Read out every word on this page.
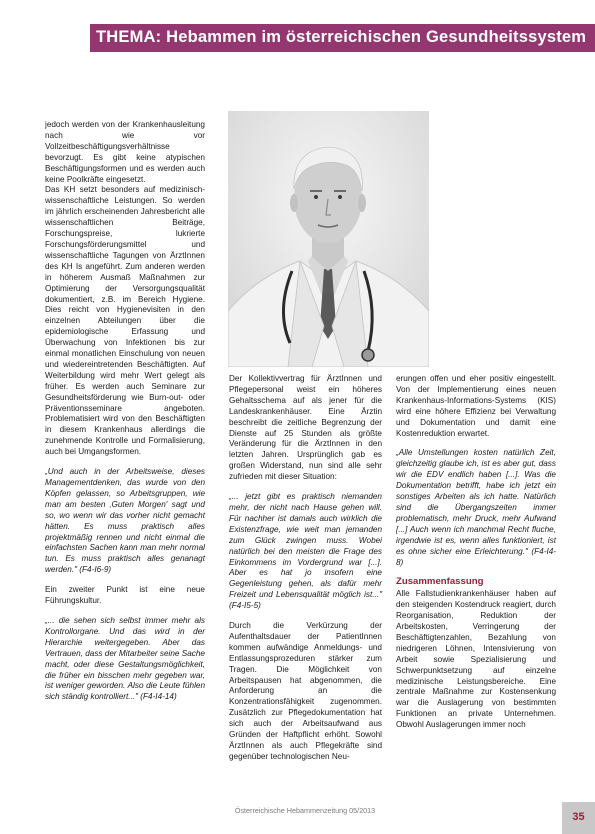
THEMA: Hebammen im österreichischen Gesundheitssystem

jedoch werden von der Krankenhausleitung nach wie vor Vollzeitbeschäftigungsverhältnisse bevorzugt. Es gibt keine atypischen Beschäftigungsformen und es werden auch keine Poolkräfte eingesetzt.

Das KH setzt besonders auf medizinisch-wissenschaftliche Leistungen. So werden im jährlich erscheinenden Jahresbericht alle wissenschaftlichen Beiträge, Forschungspreise, lukrierte Forschungsförderungsmittel und wissenschaftliche Tagungen von ÄrztInnen des KH Is angeführt. Zum anderen werden in höherem Ausmaß Maßnahmen zur Optimierung der Versorgungsqualität dokumentiert, z.B. im Bereich Hygiene. Dies reicht von Hygienevisiten in den einzelnen Abteilungen über die epidemiologische Erfassung und Überwachung von Infektionen bis zur einmal monatlichen Einschulung von neuen und wiedereintretenden Beschäftigten. Auf Weiterbildung wird mehr Wert gelegt als früher. Es werden auch Seminare zur Gesundheitsförderung wie Burn-out- oder Präventionsseminare angeboten. Problematisiert wird von den Beschäftigten in diesem Krankenhaus allerdings die zunehmende Kontrolle und Formalisierung, auch bei Umgangsformen.

„Und auch in der Arbeitsweise, dieses Managementdenken, das wurde von den Köpfen gelassen, so Arbeitsgruppen, wie man am besten ‚Guten Morgen' sagt und so, wo wenn wir das vorher nicht gemacht hätten. Es muss praktisch alles projektmäßig rennen und nicht einmal die einfachsten Sachen kann man mehr normal tun. Es muss praktisch alles genanagt werden." (F4-I6-9)

Ein zweiter Punkt ist eine neue Führungskultur.

„... die sehen sich selbst immer mehr als Kontrollorgane. Und das wird in der Hierarchie weitergegeben. Aber das Vertrauen, dass der Mitarbeiter seine Sache macht, oder diese Gestaltungsmöglichkeit, die früher ein bisschen mehr gegeben war, ist weniger geworden. Also die Leute fühlen sich ständig kontrolliert..." (F4-I4-14)

Der Kollektivvertrag für ÄrztInnen und Pflegepersonal weist ein höheres Gehaltsschema auf als jener für die Landeskrankenhäuser. Eine Ärztin beschreibt die zeitliche Begrenzung der Dienste auf 25 Stunden als größte Veränderung für die ÄrztInnen in den letzten Jahren. Ursprünglich gab es großen Widerstand, nun sind alle sehr zufrieden mit dieser Situation:

„... jetzt gibt es praktisch niemanden mehr, der nicht nach Hause gehen will. Für nachher ist damals auch wirklich die Existenzfrage, wie weit man jemanden zum Glück zwingen muss. Wobei natürlich bei den meisten die Frage des Einkommens im Vordergrund war [...]. Aber es hat jo insofern eine Gegenleistung gehen, als dafür mehr Freizeit und Lebensqualität möglich ist..." (F4-I5-5)

Durch die Verkürzung der Aufenthaltsdauer der PatientInnen kommen aufwändige Anmeldungs- und Entlassungsprozeduren stärker zum Tragen. Die Möglichkeit von Arbeitspausen hat abgenommen, die Anforderung an die Konzentrationsfähigkeit zugenommen. Zusätzlich zur Pflegedokumentation hat sich auch der Arbeitsaufwand aus Gründen der Haftpflicht erhöht. Sowohl ÄrztInnen als auch Pflegekräfte sind gegenüber technologischen Neu-

erungen offen und eher positiv eingestellt. Von der Implementierung eines neuen Krankenhaus-Informations-Systems (KIS) wird eine höhere Effizienz bei Verwaltung und Dokumentation und damit eine Kostenreduktion erwartet.

„Alle Umstellungen kosten natürlich Zeit, gleichzeitig glaube ich, ist es aber gut, dass wir die EDV endlich haben [...]. Was die Dokumentation betrifft, habe ich jetzt ein sonstiges Arbeiten als ich hatte. Natürlich sind die Übergangszeiten immer problematisch, mehr Druck, mehr Aufwand [...] Auch wenn ich manchmal Recht fluche, irgendwie ist es, wenn alles funktioniert, ist es ohne sicher eine Erleichterung." (F4-I4-8)

Zusammenfassung

Alle Fallstudienkrankenhäuser haben auf den steigenden Kostendruck reagiert, durch Reorganisation, Reduktion der Arbeitskosten, Verringerung der Beschäftigtenzahlen, Bezahlung von niedrigeren Löhnen, Intensivierung von Arbeit sowie Spezialisierung und Schwerpunktsetzung auf einzelne medizinische Leistungsbereiche. Eine zentrale Maßnahme zur Kostensenkung war die Auslagerung von bestimmten Funktionen an private Unternehmen. Obwohl Auslagerungen immer noch

Österreichische Hebammenzeitung 05/2013
35
